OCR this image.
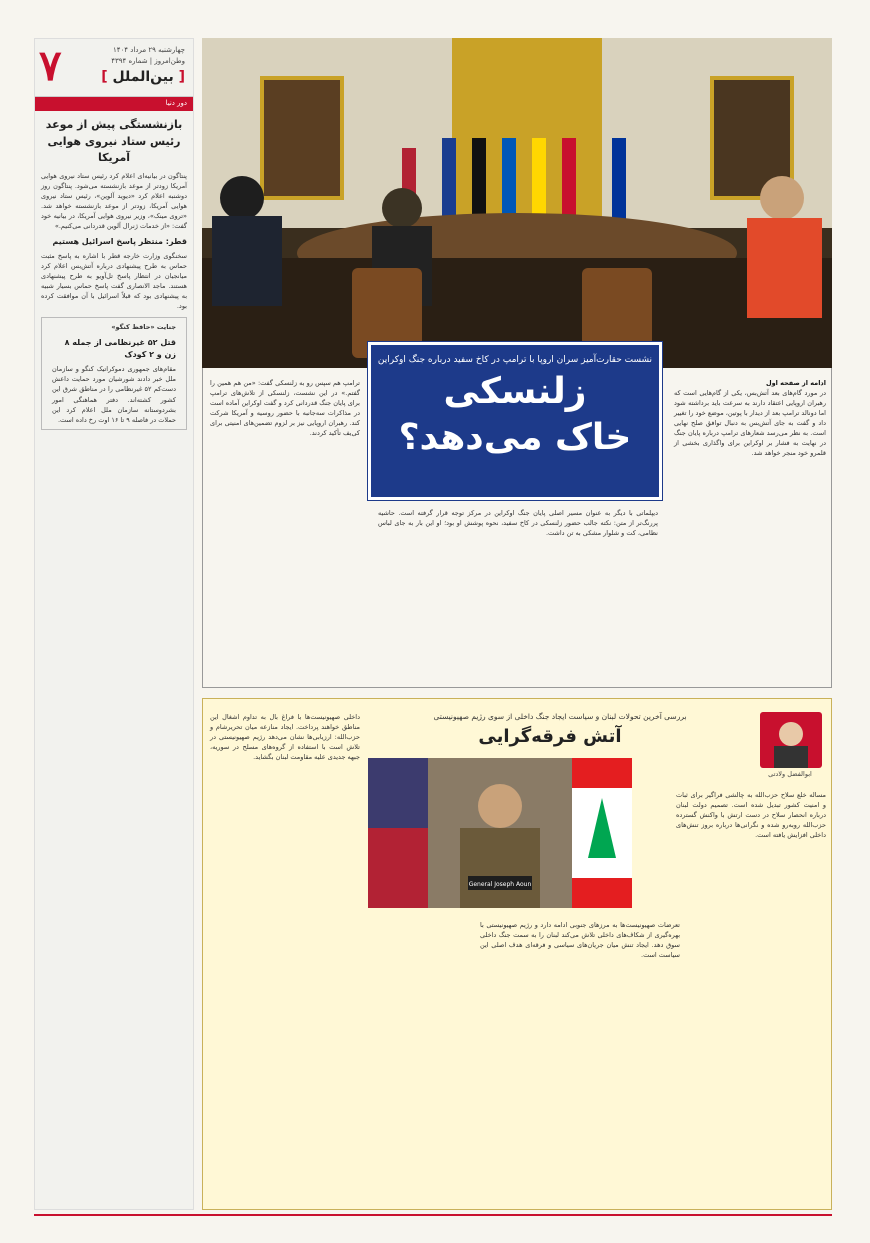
۷	چهارشنبه ۲۹ مرداد ۱۴۰۴
وطن‌امروز | شماره ۴۳۹۴
[ بین‌الملل ]
دور دنیا
بازنشستگی پیش از موعد رئیس ستاد نیروی هوایی آمریکا
پنتاگون در بیانیه‌ای اعلام کرد رئیس ستاد نیروی هوایی آمریکا زودتر از موعد بازنشسته می‌شود. پنتاگون روز دوشنبه اعلام کرد «دیوید آلوین»، رئیس ستاد نیروی هوایی آمریکا، زودتر از موعد بازنشسته خواهد شد. «تروی مینک»، وزیر نیروی هوایی آمریکا، در بیانیه خود گفت: «از خدمات ژنرال آلوین قدردانی می‌کنیم.»
قطر: منتظر پاسخ اسرائیل هستیم
سخنگوی وزارت خارجه قطر با اشاره به پاسخ مثبت حماس به طرح پیشنهادی درباره آتش‌بس اعلام کرد میانجیان در انتظار پاسخ تل‌آویو به طرح پیشنهادی هستند. ماجد الانصاری گفت پاسخ حماس بسیار شبیه به پیشنهادی بود که قبلاً اسرائیل با آن موافقت کرده بود.
جنایت «حافظ کنگو»
قتل ۵۲ غیرنظامی از جمله ۸ زن و ۲ کودک
مقام‌های جمهوری دموکراتیک کنگو و سازمان ملل خبر دادند شورشیان مورد حمایت داعش دست‌کم ۵۲ غیرنظامی را در مناطق شرق این کشور کشته‌اند. دفتر هماهنگی امور بشردوستانه سازمان ملل اعلام کرد این حملات در فاصله ۹ تا ۱۶ اوت رخ داده است.
نشست حقارت‌آمیز سران اروپا با ترامپ در کاخ سفید درباره جنگ اوکراین
زلنسکی
خاک می‌دهد؟
ادامه از صفحه اول
در مورد گام‌های بعد آتش‌بس، یکی از گام‌هایی است که رهبران اروپایی اعتقاد دارند به سرعت باید برداشته شود اما دونالد ترامپ بعد از دیدار با پوتین، موضع خود را تغییر داد و گفت به جای آتش‌بس به دنبال توافق صلح نهایی است. به نظر می‌رسد شعارهای ترامپ درباره پایان جنگ در نهایت به فشار بر اوکراین برای واگذاری بخشی از قلمرو خود منجر خواهد شد.
ترامپ هم سپس رو به زلنسکی گفت: «من هم همین را گفتم.» در این نشست، زلنسکی از تلاش‌های ترامپ برای پایان جنگ قدردانی کرد و گفت اوکراین آماده است در مذاکرات سه‌جانبه با حضور روسیه و آمریکا شرکت کند. رهبران اروپایی نیز بر لزوم تضمین‌های امنیتی برای کی‌یف تأکید کردند.
دیپلماتی با دیگر به عنوان مسیر اصلی پایان جنگ اوکراین در مرکز توجه قرار گرفته است. حاشیه پررنگ‌تر از متن: نکته جالب حضور زلنسکی در کاخ سفید، نحوه پوشش او بود؛ او این بار به جای لباس نظامی، کت و شلوار مشکی به تن داشت.
ابوالفضل ولادتی
بررسی آخرین تحولات لبنان و سیاست ایجاد جنگ داخلی از سوی رژیم صهیونیستی
آتش فرقه‌گرایی
General Joseph Aoun
مساله خلع سلاح حزب‌الله به چالشی فراگیر برای ثبات و امنیت کشور تبدیل شده است. تصمیم دولت لبنان درباره انحصار سلاح در دست ارتش با واکنش گسترده حزب‌الله روبه‌رو شده و نگرانی‌ها درباره بروز تنش‌های داخلی افزایش یافته است.
تعرضات صهیونیست‌ها به مرزهای جنوبی ادامه دارد و رژیم صهیونیستی با بهره‌گیری از شکاف‌های داخلی تلاش می‌کند لبنان را به سمت جنگ داخلی سوق دهد. ایجاد تنش میان جریان‌های سیاسی و فرقه‌ای هدف اصلی این سیاست است.
داخلی صهیونیست‌ها با فراغ بال به تداوم اشغال این مناطق خواهند پرداخت. ایجاد منازعه میان تحریرشام و حزب‌الله: ارزیابی‌ها نشان می‌دهد رژیم صهیونیستی در تلاش است با استفاده از گروه‌های مسلح در سوریه، جبهه جدیدی علیه مقاومت لبنان بگشاید.
